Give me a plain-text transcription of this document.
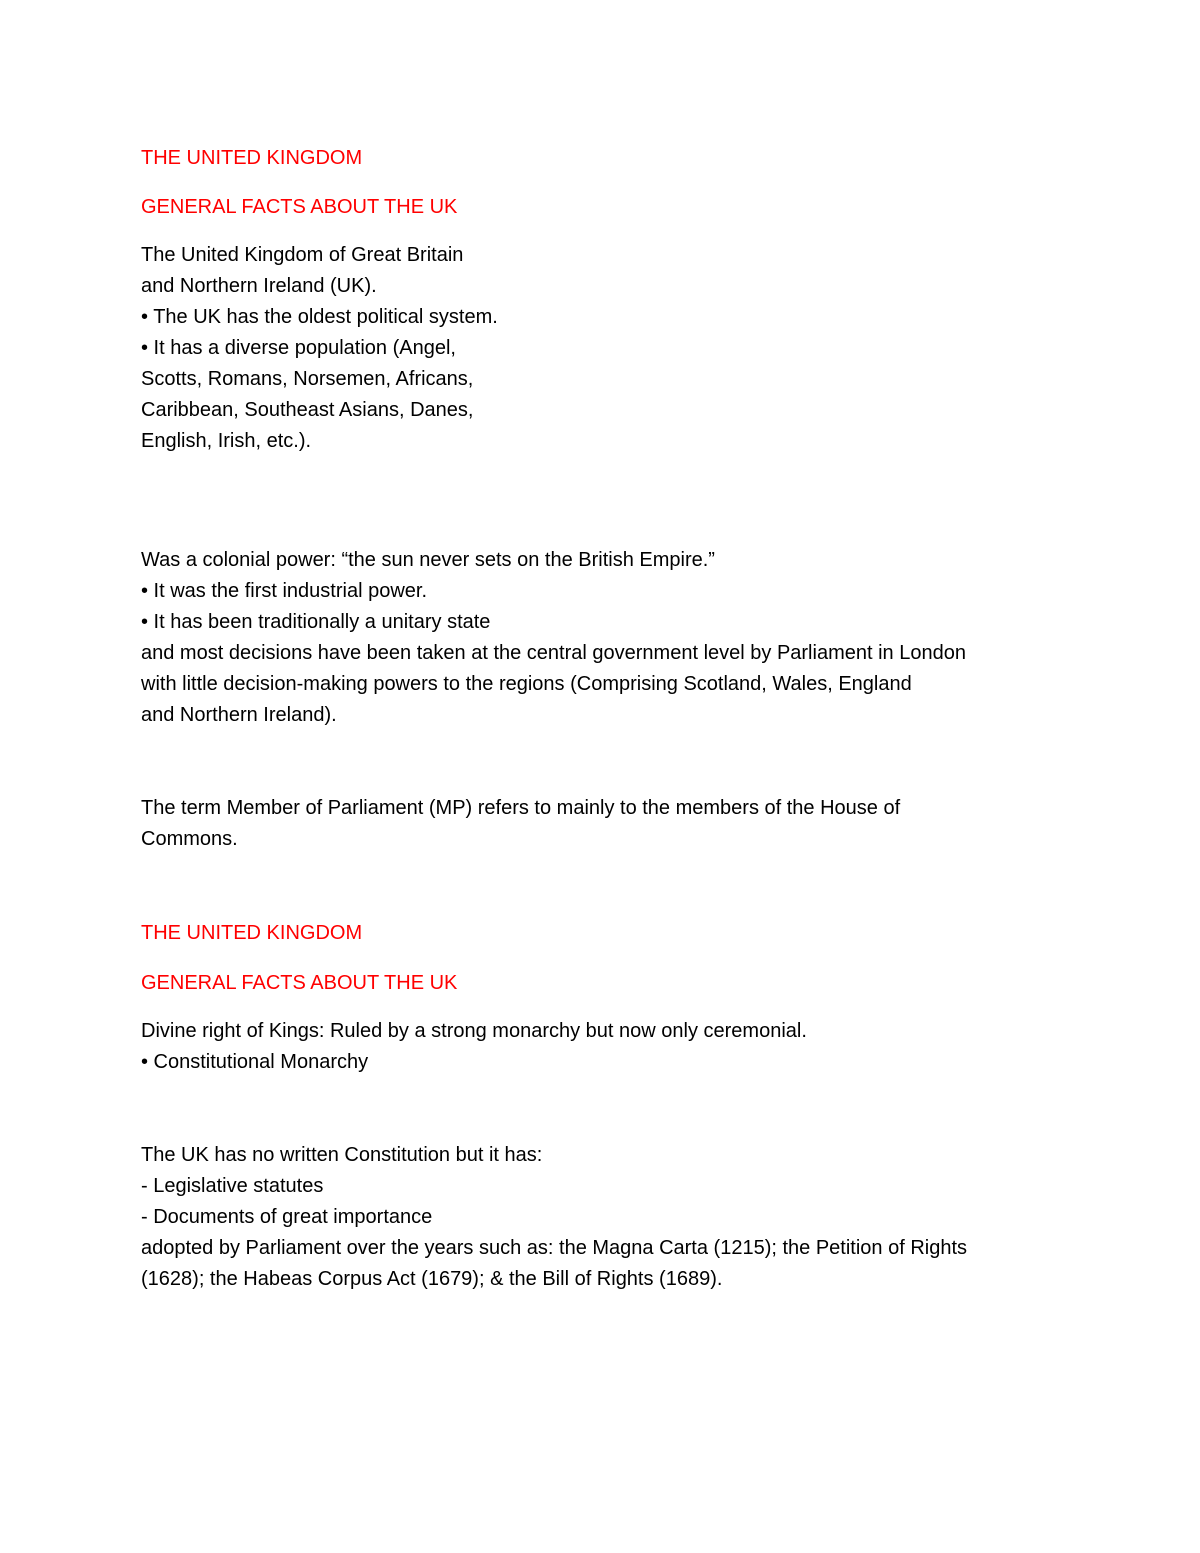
THE UNITED KINGDOM

GENERAL FACTS ABOUT THE UK

The United Kingdom of Great Britain

and Northern Ireland (UK).

• The UK has the oldest political system.

• It has a diverse population (Angel,

Scotts, Romans, Norsemen, Africans,

Caribbean, Southeast Asians, Danes,

English, Irish, etc.).

Was a colonial power: “the sun never sets on the British Empire.”

• It was the first industrial power.

• It has been traditionally a unitary state

and most decisions have been taken at the central government level by Parliament in London

with little decision-making powers to the regions (Comprising Scotland, Wales, England

and Northern Ireland).

The term Member of Parliament (MP) refers to mainly to the members of the House of

Commons.

THE UNITED KINGDOM

GENERAL FACTS ABOUT THE UK

Divine right of Kings: Ruled by a strong monarchy but now only ceremonial.

• Constitutional Monarchy

The UK has no written Constitution but it has:

- Legislative statutes

- Documents of great importance

adopted by Parliament over the years such as: the Magna Carta (1215); the Petition of Rights

(1628); the Habeas Corpus Act (1679); & the Bill of Rights (1689).
